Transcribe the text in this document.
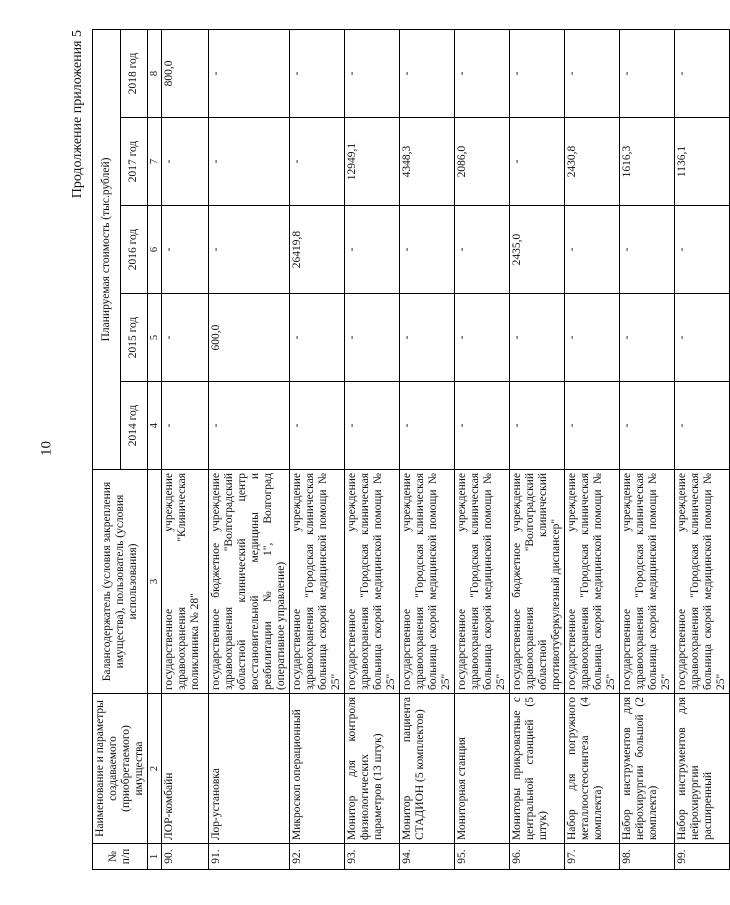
10
Продолжение приложения 5
№ п/п	Наименование и параметры создаваемого (приобретаемого) имущества	Балансодержатель (условия закрепления имущества), пользователь (условия использования)	Планируемая стоимость (тыс.рублей)				
			2014 год	2015 год	2016 год	2017 год	2018 год
1	2	3	4	5	6	7	8
90.	ЛОР-комбайн	государственное учреждение здравоохранения "Клиническая поликлиника № 28"	-	-	-	-	800,0
91.	Лор-установка	государственное бюджетное учреждение здравоохранения "Волгоградский областной клинический центр восстановительной медицины и реабилитации № 1", Волгоград (оперативное управление)	-	600,0	-	-	-
92.	Микроскоп операционный	государственное учреждение здравоохранения "Городская клиническая больница скорой медицинской помощи № 25"	-	-	26419,8	-	-
93.	Монитор для контроля физиологических параметров (13 штук)	государственное учреждение здравоохранения "Городская клиническая больница скорой медицинской помощи № 25"	-	-	-	12949,1	-
94.	Монитор пациента СТАДИОН (5 комплектов)	государственное учреждение здравоохранения "Городская клиническая больница скорой медицинской помощи № 25"	-	-	-	4348,3	-
95.	Мониторная станция	государственное учреждение здравоохранения "Городская клиническая больница скорой медицинской помощи № 25"	-	-	-	2086,0	-
96.	Мониторы прикроватные с центральной станцией (5 штук)	государственное бюджетное учреждение здравоохранения "Волгоградский областной клинический противотуберкулезный диспансер"	-	-	2435,0	-	-
97.	Набор для погружного металлоостеосинтеза (4 комплекта)	государственное учреждение здравоохранения "Городская клиническая больница скорой медицинской помощи № 25"	-	-	-	2430,8	-
98.	Набор инструментов для нейрохирургии большой (2 комплекта)	государственное учреждение здравоохранения "Городская клиническая больница скорой медицинской помощи № 25"	-	-	-	1616,3	-
99.	Набор инструментов для нейрохирургии расширенный	государственное учреждение здравоохранения "Городская клиническая больница скорой медицинской помощи № 25"	-	-	-	1136,1	-
